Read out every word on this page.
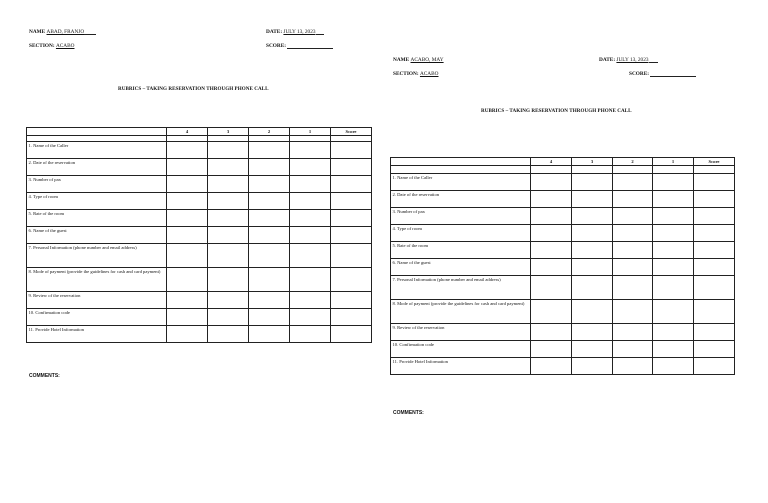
NAME ABAD, FRANJO	DATE: JULY 13, 2023
SECTION: ACABO	SCORE:
RUBRICS – TAKING RESERVATION THROUGH PHONE CALL
	4	3	2	1	Score

1. Name of the Caller					
2. Date of the reservation					
3. Number of pax					
4. Type of room					
5. Rate of the room					
6. Name of the guest					
7. Personal Information (phone number and email address)					
8. Mode of payment (provide the guidelines for cash and card payment)					
9. Review of the reservation					
10. Confirmation code					
11. Provide Hotel Information					
COMMENTS:
NAME ACABO, MAY	DATE: JULY 13, 2023
SECTION: ACABO	SCORE:
RUBRICS – TAKING RESERVATION THROUGH PHONE CALL
	4	3	2	1	Score

1. Name of the Caller					
2. Date of the reservation					
3. Number of pax					
4. Type of room					
5. Rate of the room					
6. Name of the guest					
7. Personal Information (phone number and email address)					
8. Mode of payment (provide the guidelines for cash and card payment)					
9. Review of the reservation					
10. Confirmation code					
11. Provide Hotel Information					
COMMENTS:
